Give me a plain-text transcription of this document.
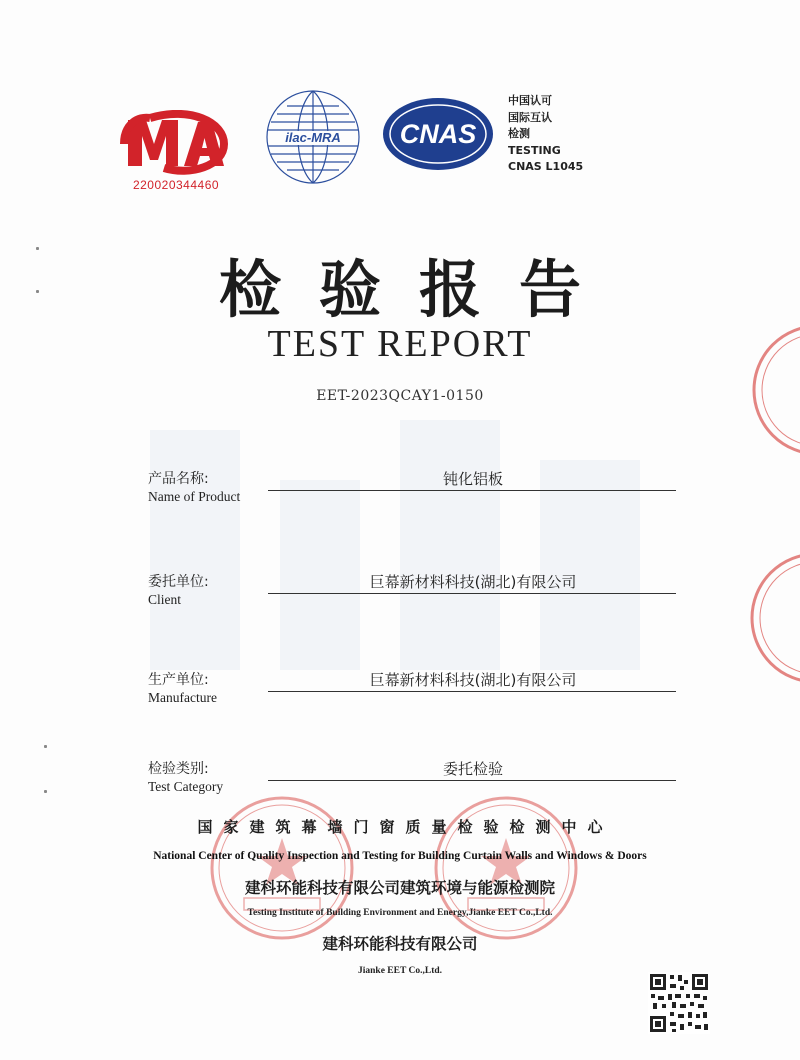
220020344460
ilac-MRA CNAS
中国认可
国际互认
检测
TESTING
CNAS L1045
检验报告
TEST REPORT
EET-2023QCAY1-0150
产品名称:
Name of Product
钝化铝板
委托单位:
Client
巨幕新材料科技(湖北)有限公司
生产单位:
Manufacture
巨幕新材料科技(湖北)有限公司
检验类别:
Test Category
委托检验
国家建筑幕墙门窗质量检验检测中心
National Center of Quality Inspection and Testing for Building Curtain Walls and Windows & Doors
建科环能科技有限公司建筑环境与能源检测院
Testing Institute of Building Environment and Energy,Jianke EET Co.,Ltd.
建科环能科技有限公司
Jianke EET Co.,Ltd.
